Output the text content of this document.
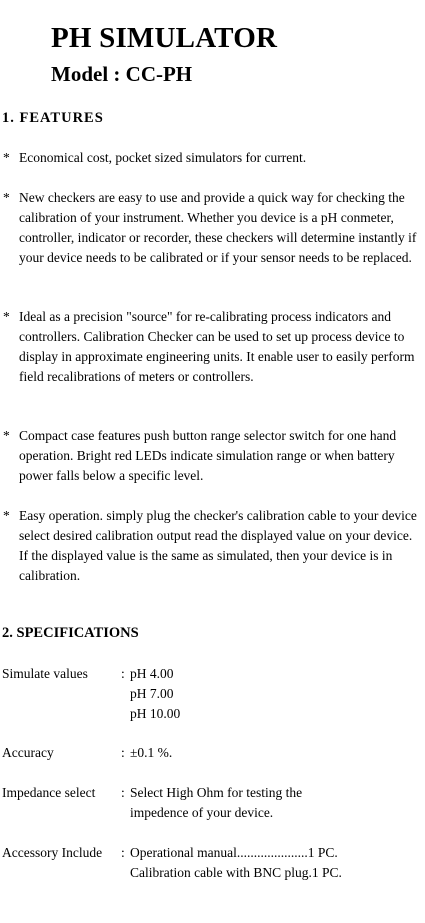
PH SIMULATOR
Model : CC-PH
1. FEATURES
* Economical cost, pocket sized simulators for current.
* New checkers are easy to use and provide a quick way for checking the calibration of your instrument. Whether you device is a pH conmeter, controller, indicator or recorder, these checkers will determine instantly if your device needs to be calibrated or if your sensor needs to be replaced.
* Ideal as a precision "source" for re-calibrating process indicators and controllers. Calibration Checker can be used to set up process device to display in approximate engineering units. It enable user to easily perform field recalibrations of meters or controllers.
* Compact case features push button range selector switch for one hand operation. Bright red LEDs indicate simulation range or when battery power falls below a specific level.
* Easy operation. simply plug the checker's calibration cable to your device select desired calibration output read the displayed value on your device. If the displayed value is the same as simulated, then your device is in calibration.
2. SPECIFICATIONS
Simulate values : pH 4.00
pH 7.00
pH 10.00
Accuracy	: ±0.1 %.
Impedance select : Select High Ohm for testing the
impedence of your device.
Accessory Include : Operational manual.....................1 PC.
Calibration cable with BNC plug.1 PC.
